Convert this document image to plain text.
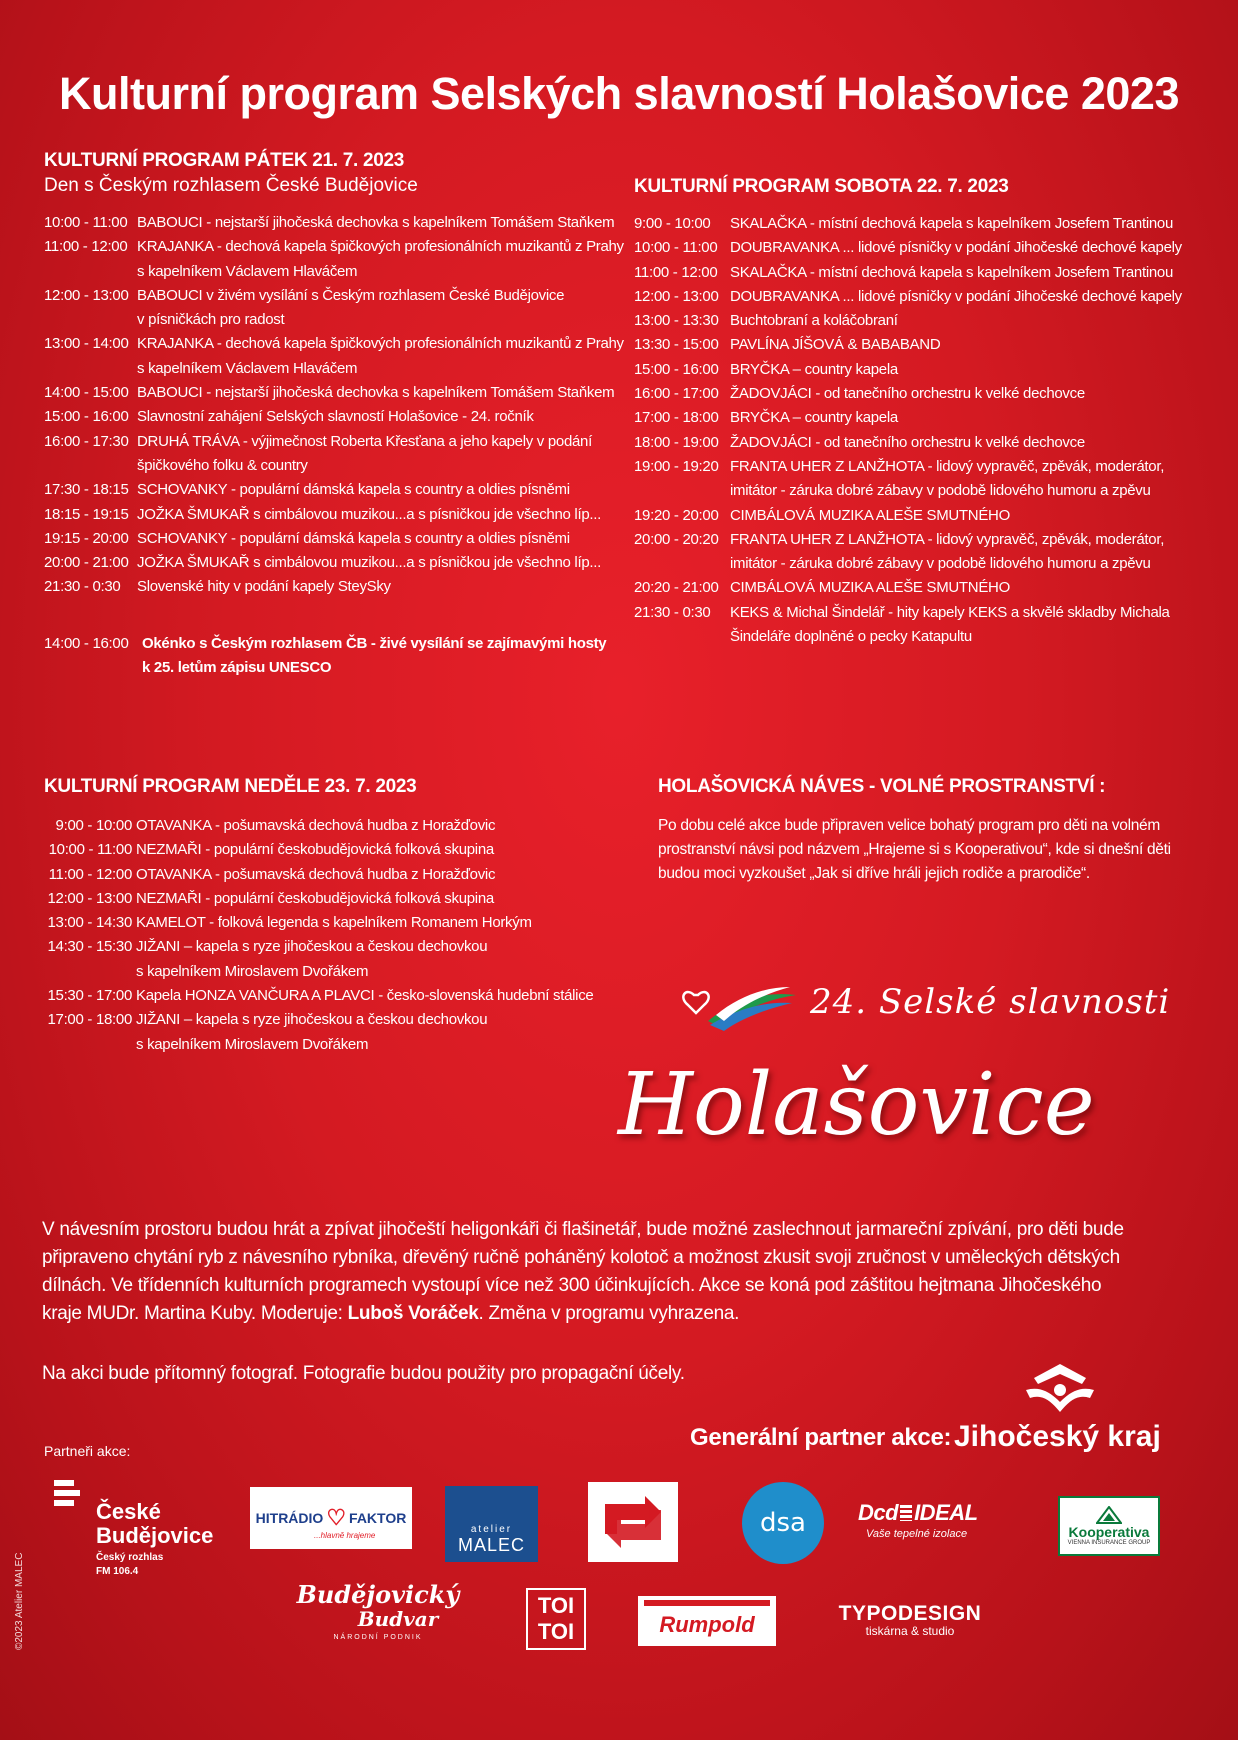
Kulturní program Selských slavností Holašovice 2023
KULTURNÍ PROGRAM PÁTEK 21. 7. 2023
Den s Českým rozhlasem České Budějovice
10:00 - 11:00 BABOUCI - nejstarší jihočeská dechovka s kapelníkem Tomášem Staňkem
11:00 - 12:00 KRAJANKA - dechová kapela špičkových profesionálních muzikantů z Prahy
s kapelníkem Václavem Hlaváčem
12:00 - 13:00 BABOUCI v živém vysílání s Českým rozhlasem České Budějovice
v písničkách pro radost
13:00 - 14:00 KRAJANKA - dechová kapela špičkových profesionálních muzikantů z Prahy
s kapelníkem Václavem Hlaváčem
14:00 - 15:00 BABOUCI - nejstarší jihočeská dechovka s kapelníkem Tomášem Staňkem
15:00 - 16:00 Slavnostní zahájení Selských slavností Holašovice - 24. ročník
16:00 - 17:30 DRUHÁ TRÁVA - výjimečnost Roberta Křesťana a jeho kapely v podání
špičkového folku & country
17:30 - 18:15 SCHOVANKY - populární dámská kapela s country a oldies písněmi
18:15 - 19:15 JOŽKA ŠMUKAŘ s cimbálovou muzikou...a s písničkou jde všechno líp...
19:15 - 20:00 SCHOVANKY - populární dámská kapela s country a oldies písněmi
20:00 - 21:00 JOŽKA ŠMUKAŘ s cimbálovou muzikou...a s písničkou jde všechno líp...
21:30 - 0:30	Slovenské hity v podání kapely SteySky
14:00 - 16:00 Okénko s Českým rozhlasem ČB - živé vysílání se zajímavými hosty
k 25. letům zápisu UNESCO
KULTURNÍ PROGRAM SOBOTA 22. 7. 2023
9:00 - 10:00	SKALAČKA - místní dechová kapela s kapelníkem Josefem Trantinou
10:00 - 11:00 DOUBRAVANKA ... lidové písničky v podání Jihočeské dechové kapely
11:00 - 12:00 SKALAČKA - místní dechová kapela s kapelníkem Josefem Trantinou
12:00 - 13:00 DOUBRAVANKA ... lidové písničky v podání Jihočeské dechové kapely
13:00 - 13:30 Buchtobraní a koláčobraní
13:30 - 15:00 PAVLÍNA JÍŠOVÁ & BABABAND
15:00 - 16:00 BRYČKA – country kapela
16:00 - 17:00 ŽADOVJÁCI - od tanečního orchestru k velké dechovce
17:00 - 18:00 BRYČKA – country kapela
18:00 - 19:00 ŽADOVJÁCI - od tanečního orchestru k velké dechovce
19:00 - 19:20 FRANTA UHER Z LANŽHOTA - lidový vypravěč, zpěvák, moderátor,
imitátor - záruka dobré zábavy v podobě lidového humoru a zpěvu
19:20 - 20:00 CIMBÁLOVÁ MUZIKA ALEŠE SMUTNÉHO
20:00 - 20:20 FRANTA UHER Z LANŽHOTA - lidový vypravěč, zpěvák, moderátor,
imitátor - záruka dobré zábavy v podobě lidového humoru a zpěvu
20:20 - 21:00 CIMBÁLOVÁ MUZIKA ALEŠE SMUTNÉHO
21:30 - 0:30	KEKS & Michal Šindelář - hity kapely KEKS a skvělé skladby Michala
Šindeláře doplněné o pecky Katapultu
KULTURNÍ PROGRAM NEDĚLE 23. 7. 2023
9:00 - 10:00 OTAVANKA - pošumavská dechová hudba z Horažďovic
10:00 - 11:00 NEZMAŘI - populární českobudějovická folková skupina
11:00 - 12:00 OTAVANKA - pošumavská dechová hudba z Horažďovic
12:00 - 13:00 NEZMAŘI - populární českobudějovická folková skupina
13:00 - 14:30 KAMELOT - folková legenda s kapelníkem Romanem Horkým
14:30 - 15:30 JIŽANI – kapela s ryze jihočeskou a českou dechovkou
s kapelníkem Miroslavem Dvořákem
15:30 - 17:00 Kapela HONZA VANČURA A PLAVCI - česko-slovenská hudební stálice
17:00 - 18:00 JIŽANI – kapela s ryze jihočeskou a českou dechovkou
s kapelníkem Miroslavem Dvořákem
HOLAŠOVICKÁ NÁVES - VOLNÉ PROSTRANSTVÍ :
Po dobu celé akce bude připraven velice bohatý program pro děti na volném
prostranství návsi pod názvem „Hrajeme si s Kooperativou“, kde si dnešní děti
budou moci vyzkoušet „Jak si dříve hráli jejich rodiče a prarodiče“.
24. Selské slavnosti
Holašovice
V návesním prostoru budou hrát a zpívat jihočeští heligonkáři či flašinetář, bude možné zaslechnout jarmareční zpívání, pro děti bude
připraveno chytání ryb z návesního rybníka, dřevěný ručně poháněný kolotoč a možnost zkusit svoji zručnost v uměleckých dětských
dílnách. Ve třídenních kulturních programech vystoupí více než 300 účinkujících. Akce se koná pod záštitou hejtmana Jihočeského
kraje MUDr. Martina Kuby. Moderuje: Luboš Voráček. Změna v programu vyhrazena.
Na akci bude přítomný fotograf. Fotografie budou použity pro propagační účely.
Generální partner akce: Jihočeský kraj
Partneři akce:
©2023 Atelier MALEC
České
Budějovice
Český rozhlas
FM 106.4
HITRÁDIO ♡ FAKTOR
...hlavně hrajeme
atelier
MALEC
dsa Dcd IDEAL
Vaše tepelné izolace	Kooperativa
VIENNA INSURANCE GROUP
Budějovický
Budvar
NÁRODNÍ PODNIK
TOI
TOI	Rumpold	TYPODESIGN
tiskárna & studio
